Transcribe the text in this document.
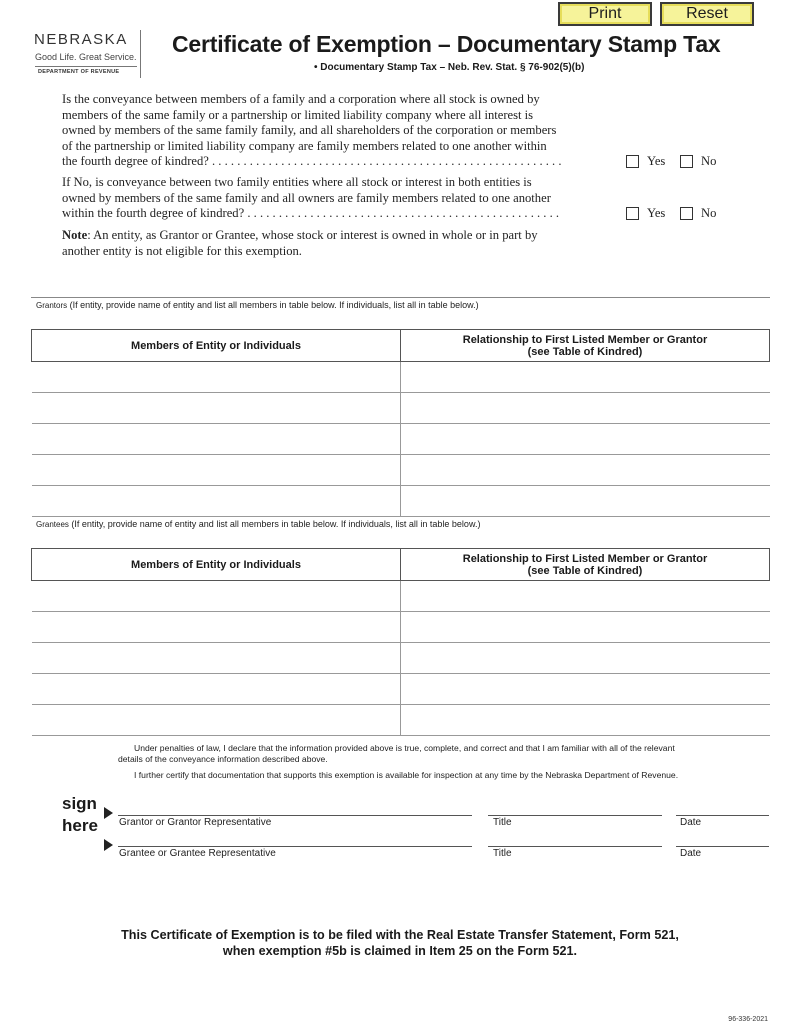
Print	Reset
NEBRASKA
Good Life. Great Service.
DEPARTMENT OF REVENUE
Certificate of Exemption – Documentary Stamp Tax
• Documentary Stamp Tax – Neb. Rev. Stat. § 76-902(5)(b)
Is the conveyance between members of a family and a corporation where all stock is owned by
members of the same family or a partnership or limited liability company where all interest is
owned by members of the same family family, and all shareholders of the corporation or members
of the partnership or limited liability company are family members related to one another within
the fourth degree of kindred? . . . . . . . . . . . . . . . . . . . . . . . . . . . . . . . . . . . . . . . . . . . . . . . . . . . . . . . .	Yes	No
If No, is conveyance between two family entities where all stock or interest in both entities is
owned by members of the same family and all owners are family members related to one another
within the fourth degree of kindred? . . . . . . . . . . . . . . . . . . . . . . . . . . . . . . . . . . . . . . . . . . . . . . . . . .	Yes	No
Note: An entity, as Grantor or Grantee, whose stock or interest is owned in whole or in part by
another entity is not eligible for this exemption.
Grantors (If entity, provide name of entity and list all members in table below. If individuals, list all in table below.)
Members of Entity or Individuals	Relationship to First Listed Member or Grantor
(see Table of Kindred)

Grantees (If entity, provide name of entity and list all members in table below. If individuals, list all in table below.)
Members of Entity or Individuals	Relationship to First Listed Member or Grantor
(see Table of Kindred)

Under penalties of law, I declare that the information provided above is true, complete, and correct and that I am familiar with all of the relevant
details of the conveyance information described above.
I further certify that documentation that supports this exemption is available for inspection at any time by the Nebraska Department of Revenue.
sign
here Grantor or Grantor Representative	Title	Date
Grantee or Grantee Representative	Title	Date
This Certificate of Exemption is to be filed with the Real Estate Transfer Statement, Form 521,
when exemption #5b is claimed in Item 25 on the Form 521.
96-336-2021
